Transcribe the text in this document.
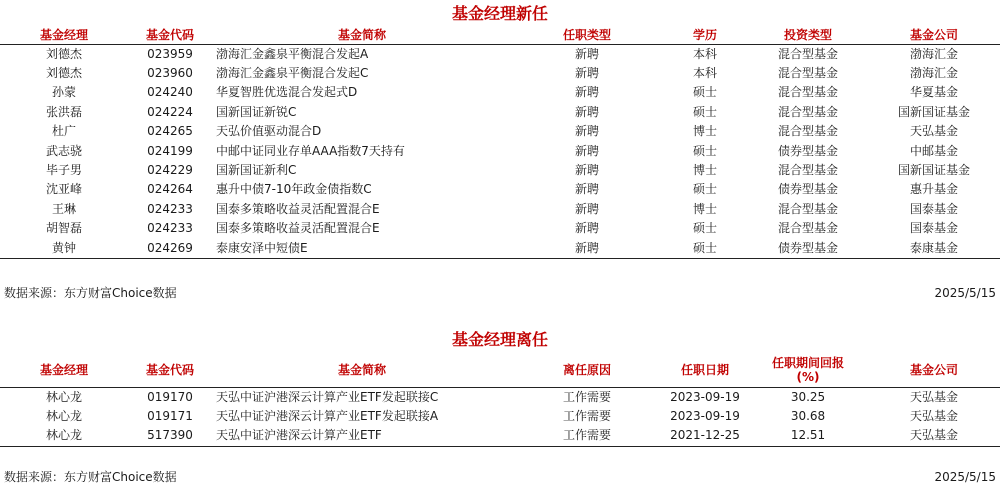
基金经理新任
基金经理	基金代码	基金简称	任职类型	学历	投资类型	基金公司
刘德杰	023959	渤海汇金鑫泉平衡混合发起A	新聘	本科	混合型基金	渤海汇金
刘德杰	023960	渤海汇金鑫泉平衡混合发起C	新聘	本科	混合型基金	渤海汇金
孙蒙	024240	华夏智胜优选混合发起式D	新聘	硕士	混合型基金	华夏基金
张洪磊	024224	国新国证新锐C	新聘	硕士	混合型基金	国新国证基金
杜广	024265	天弘价值驱动混合D	新聘	博士	混合型基金	天弘基金
武志骁	024199	中邮中证同业存单AAA指数7天持有	新聘	硕士	债券型基金	中邮基金
毕子男	024229	国新国证新利C	新聘	博士	混合型基金	国新国证基金
沈亚峰	024264	惠升中债7-10年政金债指数C	新聘	硕士	债券型基金	惠升基金
王琳	024233	国泰多策略收益灵活配置混合E	新聘	博士	混合型基金	国泰基金
胡智磊	024233	国泰多策略收益灵活配置混合E	新聘	硕士	混合型基金	国泰基金
黄钟	024269	泰康安泽中短债E	新聘	硕士	债券型基金	泰康基金
数据来源：东方财富Choice数据	2025/5/15
基金经理离任
基金经理	基金代码	基金简称	离任原因	任职日期	任职期间回报(%)	基金公司
林心龙	019170	天弘中证沪港深云计算产业ETF发起联接C	工作需要	2023-09-19	30.25	天弘基金
林心龙	019171	天弘中证沪港深云计算产业ETF发起联接A	工作需要	2023-09-19	30.68	天弘基金
林心龙	517390	天弘中证沪港深云计算产业ETF	工作需要	2021-12-25	12.51	天弘基金
数据来源：东方财富Choice数据	2025/5/15
